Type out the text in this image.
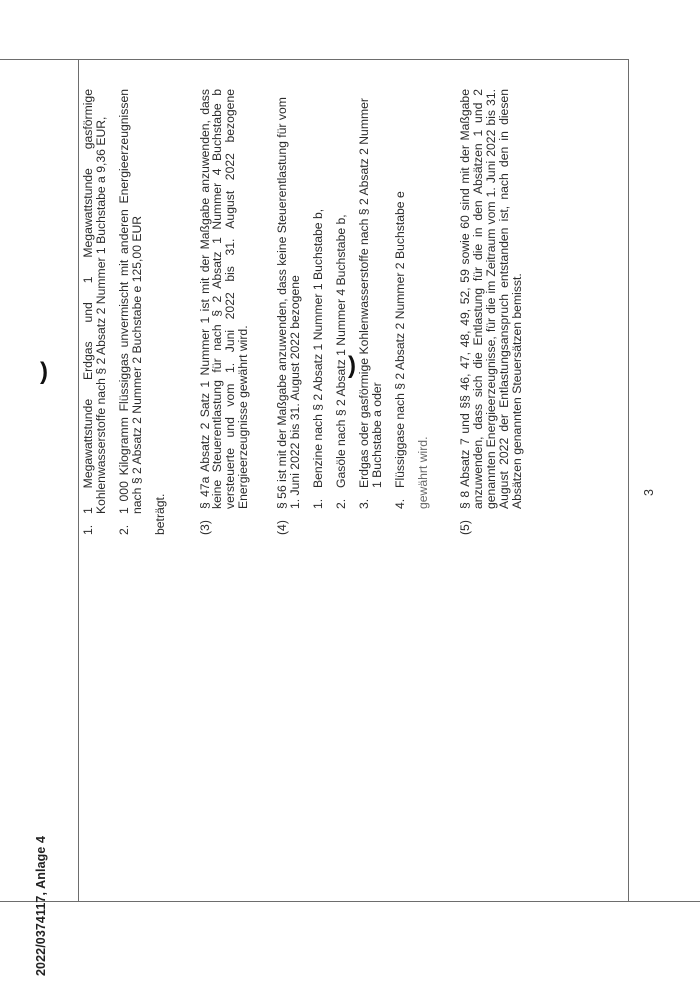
2022/0374117, Anlage 4
)	)
1.
1 Megawattstunde Erdgas und 1 Megawattstunde gasförmige Kohlenwasserstoffe nach § 2 Absatz 2 Nummer 1 Buchstabe a 9,36 EUR,
2.
1 000 Kilogramm Flüssiggas unvermischt mit anderen Energieerzeugnissen nach § 2 Absatz 2 Nummer 2 Buchstabe e 125,00 EUR
beträgt.	(3)
§ 47a Absatz 2 Satz 1 Nummer 1 ist mit der Maßgabe anzuwenden, dass keine Steuerentlastung für nach § 2 Absatz 1 Nummer 4 Buchstabe b versteuerte und vom 1. Juni 2022 bis 31. August 2022 bezogene Energieerzeugnisse gewährt wird.
(4)
§ 56 ist mit der Maßgabe anzuwenden, dass keine Steuerentlastung für vom 1. Juni 2022 bis 31. August 2022 bezogene 1.
Benzine nach § 2 Absatz 1 Nummer 1 Buchstabe b,
2.
Gasöle nach § 2 Absatz 1 Nummer 4 Buchstabe b,
3.
Erdgas oder gasförmige Kohlenwasserstoffe nach § 2 Absatz 2 Nummer 1 Buchstabe a oder
4.
Flüssiggase nach § 2 Absatz 2 Nummer 2 Buchstabe e gewährt wird.
(5)
§ 8 Absatz 7 und §§ 46, 47, 48, 49, 52, 59 sowie 60 sind mit der Maßgabe anzuwenden, dass sich die Entlastung für die in den Absätzen 1 und 2 genannten Energieerzeugnisse, für die im Zeitraum vom 1. Juni 2022 bis 31. August 2022 der Entlastungsanspruch entstanden ist, nach den in diesen Absätzen genannten Steuersätzen bemisst.	3
